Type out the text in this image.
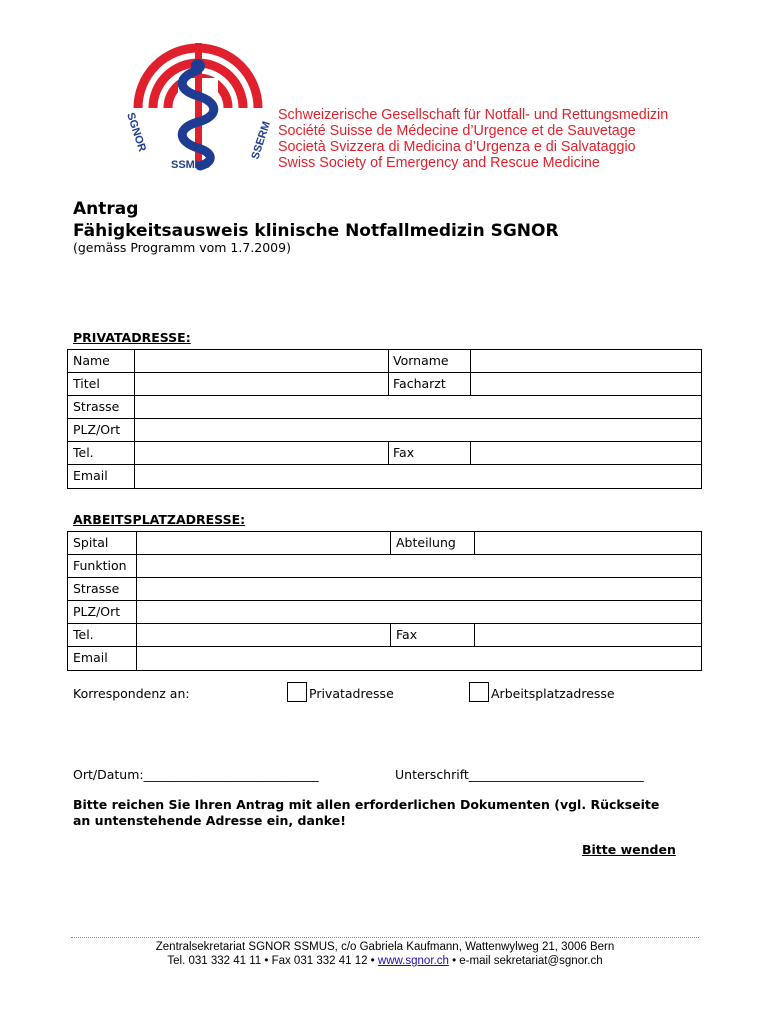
SGNOR
SSMUS
SSERM
Schweizerische Gesellschaft für Notfall- und Rettungsmedizin
Société Suisse de Médecine d’Urgence et de Sauvetage
Società Svizzera di Medicina d’Urgenza e di Salvataggio
Swiss Society of Emergency and Rescue Medicine
Antrag
Fähigkeitsausweis klinische Notfallmedizin SGNOR
(gemäss Programm vom 1.7.2009)
PRIVATADRESSE:
Name	Vorname
Titel	Facharzt
Strasse
PLZ/Ort
Tel.	Fax
Email
ARBEITSPLATZADRESSE:
Spital	Abteilung
Funktion
Strasse
PLZ/Ort
Tel.	Fax
Email
Korrespondenz an:	Privatadresse	Arbeitsplatzadresse
Ort/Datum:____________________________	Unterschrift____________________________
Bitte reichen Sie Ihren Antrag mit allen erforderlichen Dokumenten (vgl. Rückseite
an untenstehende Adresse ein, danke!
Bitte wenden
Zentralsekretariat SGNOR SSMUS, c/o Gabriela Kaufmann, Wattenwylweg 21, 3006 Bern
Tel. 031 332 41 11 • Fax 031 332 41 12 • www.sgnor.ch • e-mail sekretariat@sgnor.ch
